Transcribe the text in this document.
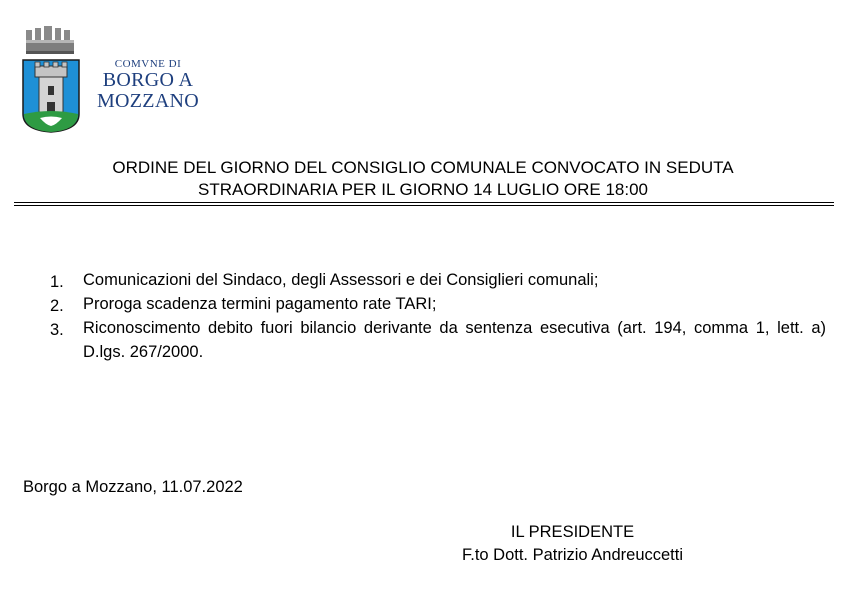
COMVNE DI
BORGO A
MOZZANO
ORDINE DEL GIORNO DEL CONSIGLIO COMUNALE CONVOCATO IN SEDUTA
STRAORDINARIA PER IL GIORNO 14 LUGLIO ORE 18:00
1.	Comunicazioni del Sindaco, degli Assessori e dei Consiglieri comunali;
2.	Proroga scadenza termini pagamento rate TARI;
3.	Riconoscimento debito fuori bilancio derivante da sentenza esecutiva (art. 194, comma 1, lett. a) D.lgs. 267/2000.
Borgo a Mozzano, 11.07.2022
IL PRESIDENTE
F.to Dott. Patrizio Andreuccetti
